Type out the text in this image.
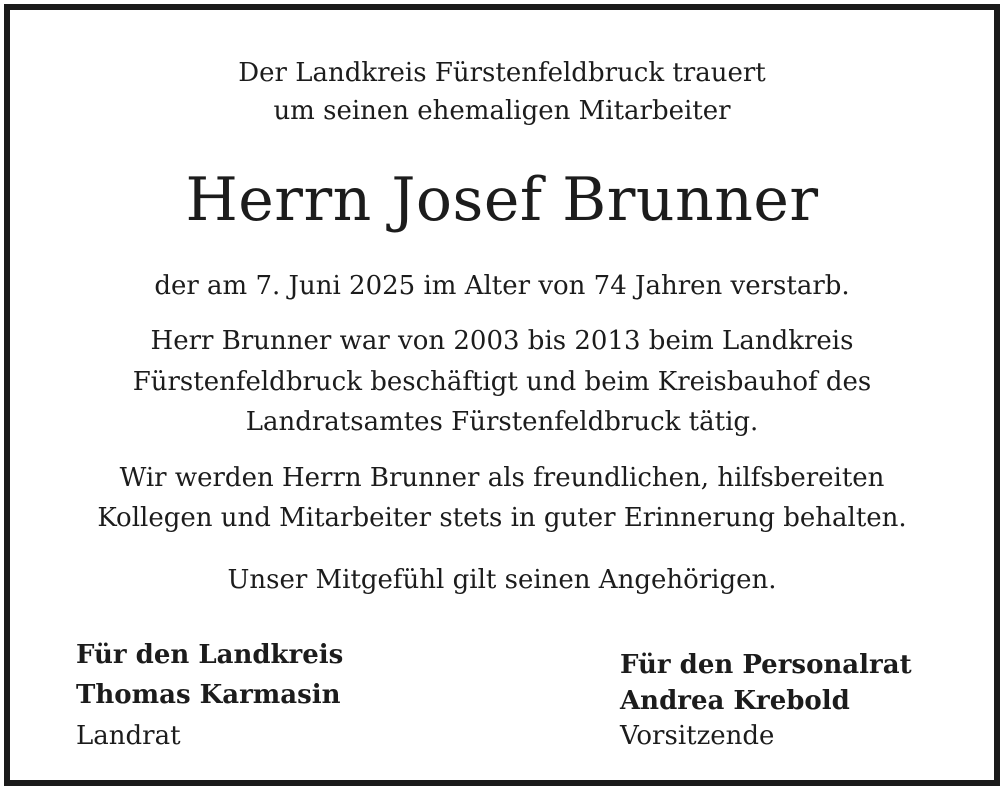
Der Landkreis Fürstenfeldbruck trauert
um seinen ehemaligen Mitarbeiter
Herrn Josef Brunner
der am 7. Juni 2025 im Alter von 74 Jahren verstarb.
Herr Brunner war von 2003 bis 2013 beim Landkreis
Fürstenfeldbruck beschäftigt und beim Kreisbauhof des
Landratsamtes Fürstenfeldbruck tätig.
Wir werden Herrn Brunner als freundlichen, hilfsbereiten
Kollegen und Mitarbeiter stets in guter Erinnerung behalten.
Unser Mitgefühl gilt seinen Angehörigen.
Für den Landkreis
Thomas Karmasin
Landrat
Für den Personalrat
Andrea Krebold
Vorsitzende
